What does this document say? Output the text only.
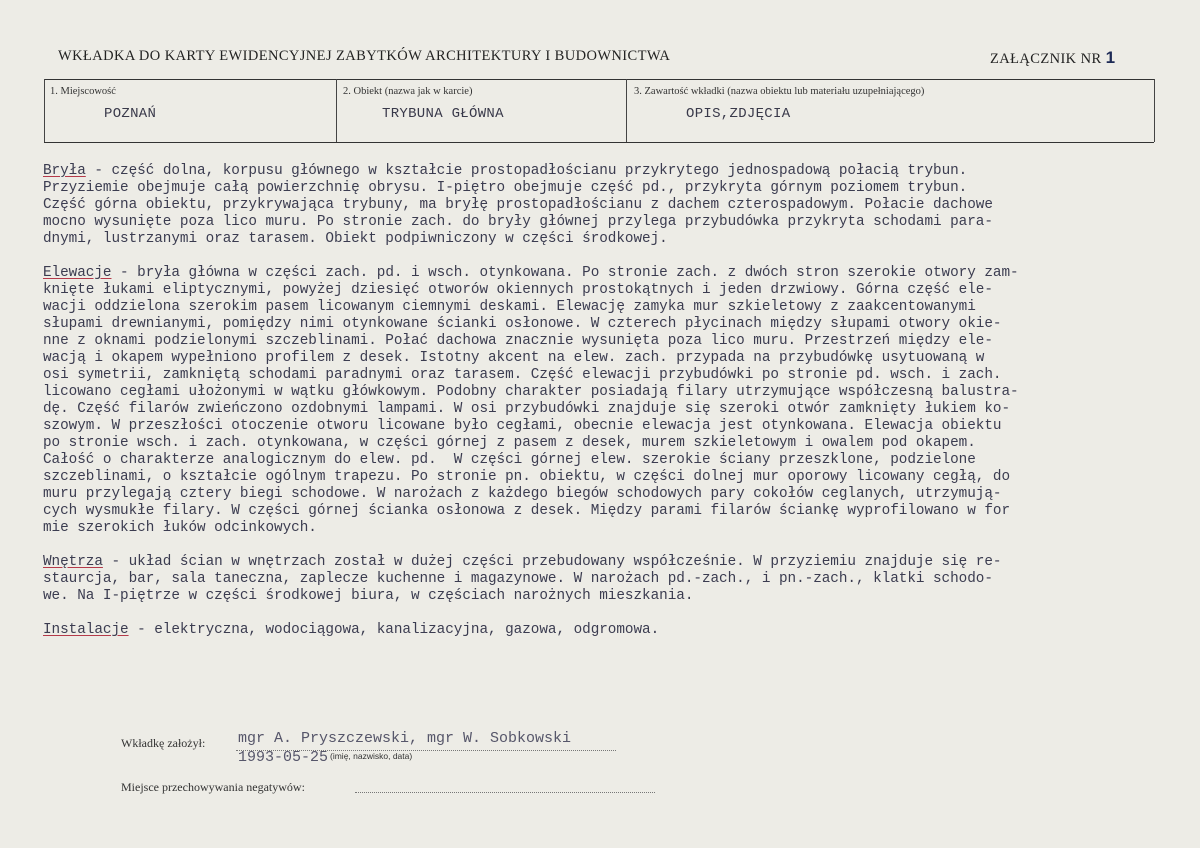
WKŁADKA DO KARTY EWIDENCYJNEJ ZABYTKÓW ARCHITEKTURY I BUDOWNICTWA	ZAŁĄCZNIK NR 1
1. Miejscowość
POZNAŃ
2. Obiekt (nazwa jak w karcie)
TRYBUNA GŁÓWNA
3. Zawartość wkładki (nazwa obiektu lub materiału uzupełniającego)
OPIS,ZDJĘCIA
Bryła - część dolna, korpusu głównego w kształcie prostopadłościanu przykrytego jednospadową połacią trybun.
Przyziemie obejmuje całą powierzchnię obrysu. I-piętro obejmuje część pd., przykryta górnym poziomem trybun.
Część górna obiektu, przykrywająca trybuny, ma bryłę prostopadłościanu z dachem czterospadowym. Połacie dachowe
mocno wysunięte poza lico muru. Po stronie zach. do bryły głównej przylega przybudówka przykryta schodami para-
dnymi, lustrzanymi oraz tarasem. Obiekt podpiwniczony w części środkowej.
Elewacje - bryła główna w części zach. pd. i wsch. otynkowana. Po stronie zach. z dwóch stron szerokie otwory zam-
knięte łukami eliptycznymi, powyżej dziesięć otworów okiennych prostokątnych i jeden drzwiowy. Górna część ele-
wacji oddzielona szerokim pasem licowanym ciemnymi deskami. Elewację zamyka mur szkieletowy z zaakcentowanymi
słupami drewnianymi, pomiędzy nimi otynkowane ścianki osłonowe. W czterech płycinach między słupami otwory okie-
nne z oknami podzielonymi szczeblinami. Połać dachowa znacznie wysunięta poza lico muru. Przestrzeń między ele-
wacją i okapem wypełniono profilem z desek. Istotny akcent na elew. zach. przypada na przybudówkę usytuowaną w
osi symetrii, zamkniętą schodami paradnymi oraz tarasem. Część elewacji przybudówki po stronie pd. wsch. i zach.
licowano cegłami ułożonymi w wątku główkowym. Podobny charakter posiadają filary utrzymujące współczesną balustra-
dę. Część filarów zwieńczono ozdobnymi lampami. W osi przybudówki znajduje się szeroki otwór zamknięty łukiem ko-
szowym. W przeszłości otoczenie otworu licowane było cegłami, obecnie elewacja jest otynkowana. Elewacja obiektu
po stronie wsch. i zach. otynkowana, w części górnej z pasem z desek, murem szkieletowym i owalem pod okapem.
Całość o charakterze analogicznym do elew. pd.  W części górnej elew. szerokie ściany przeszklone, podzielone
szczeblinami, o kształcie ogólnym trapezu. Po stronie pn. obiektu, w części dolnej mur oporowy licowany cegłą, do
muru przylegają cztery biegi schodowe. W narożach z każdego biegów schodowych pary cokołów ceglanych, utrzymują-
cych wysmukłe filary. W części górnej ścianka osłonowa z desek. Między parami filarów ściankę wyprofilowano w for
mie szerokich łuków odcinkowych.
Wnętrza - układ ścian w wnętrzach został w dużej części przebudowany współcześnie. W przyziemiu znajduje się re-
staurcja, bar, sala taneczna, zaplecze kuchenne i magazynowe. W narożach pd.-zach., i pn.-zach., klatki schodo-
we. Na I-piętrze w części środkowej biura, w częściach narożnych mieszkania.
Instalacje - elektryczna, wodociągowa, kanalizacyjna, gazowa, odgromowa.
Wkładkę założył: mgr A. Pryszczewski, mgr W. Sobkowski
1993-05-25 (imię, nazwisko, data)
Miejsce przechowywania negatywów:
